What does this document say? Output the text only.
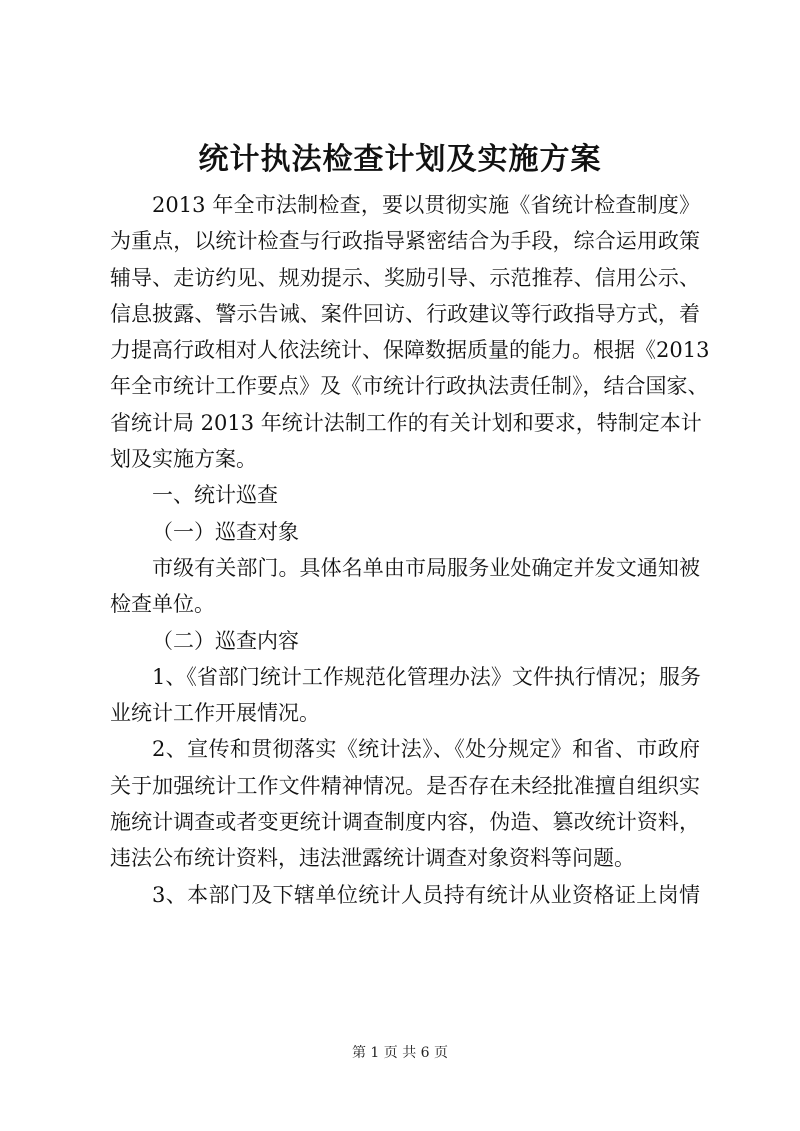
统计执法检查计划及实施方案
2013 年全市法制检查，要以贯彻实施《省统计检查制度》
为重点，以统计检查与行政指导紧密结合为手段，综合运用政策
辅导、走访约见、规劝提示、奖励引导、示范推荐、信用公示、
信息披露、警示告诫、案件回访、行政建议等行政指导方式，着
力提高行政相对人依法统计、保障数据质量的能力。根据《2013
年全市统计工作要点》及《市统计行政执法责任制》，结合国家、
省统计局 2013 年统计法制工作的有关计划和要求，特制定本计
划及实施方案。
一、统计巡查
（一）巡查对象
市级有关部门。具体名单由市局服务业处确定并发文通知被
检查单位。
（二）巡查内容
1、《省部门统计工作规范化管理办法》文件执行情况；服务
业统计工作开展情况。
2、宣传和贯彻落实《统计法》、《处分规定》和省、市政府
关于加强统计工作文件精神情况。是否存在未经批准擅自组织实
施统计调查或者变更统计调查制度内容，伪造、篡改统计资料，
违法公布统计资料，违法泄露统计调查对象资料等问题。
3、本部门及下辖单位统计人员持有统计从业资格证上岗情
第 1 页 共 6 页
